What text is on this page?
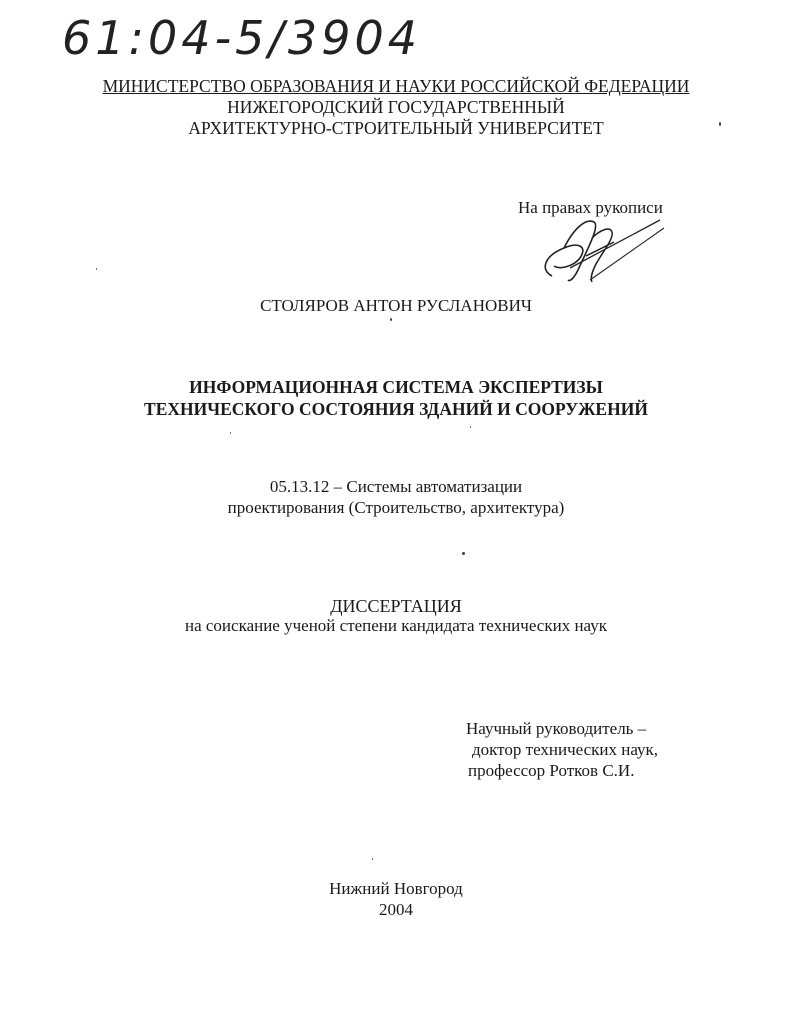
61:04-5/3904
МИНИСТЕРСТВО ОБРАЗОВАНИЯ И НАУКИ РОССИЙСКОЙ ФЕДЕРАЦИИ
НИЖЕГОРОДСКИЙ ГОСУДАРСТВЕННЫЙ
АРХИТЕКТУРНО-СТРОИТЕЛЬНЫЙ УНИВЕРСИТЕТ
На правах рукописи
СТОЛЯРОВ АНТОН РУСЛАНОВИЧ
ИНФОРМАЦИОННАЯ СИСТЕМА ЭКСПЕРТИЗЫ
ТЕХНИЧЕСКОГО СОСТОЯНИЯ ЗДАНИЙ И СООРУЖЕНИЙ
05.13.12 – Системы автоматизации
проектирования (Строительство, архитектура)
ДИССЕРТАЦИЯ
на соискание ученой степени кандидата технических наук
Научный руководитель –
доктор технических наук,
профессор Ротков С.И.
Нижний Новгород
2004
